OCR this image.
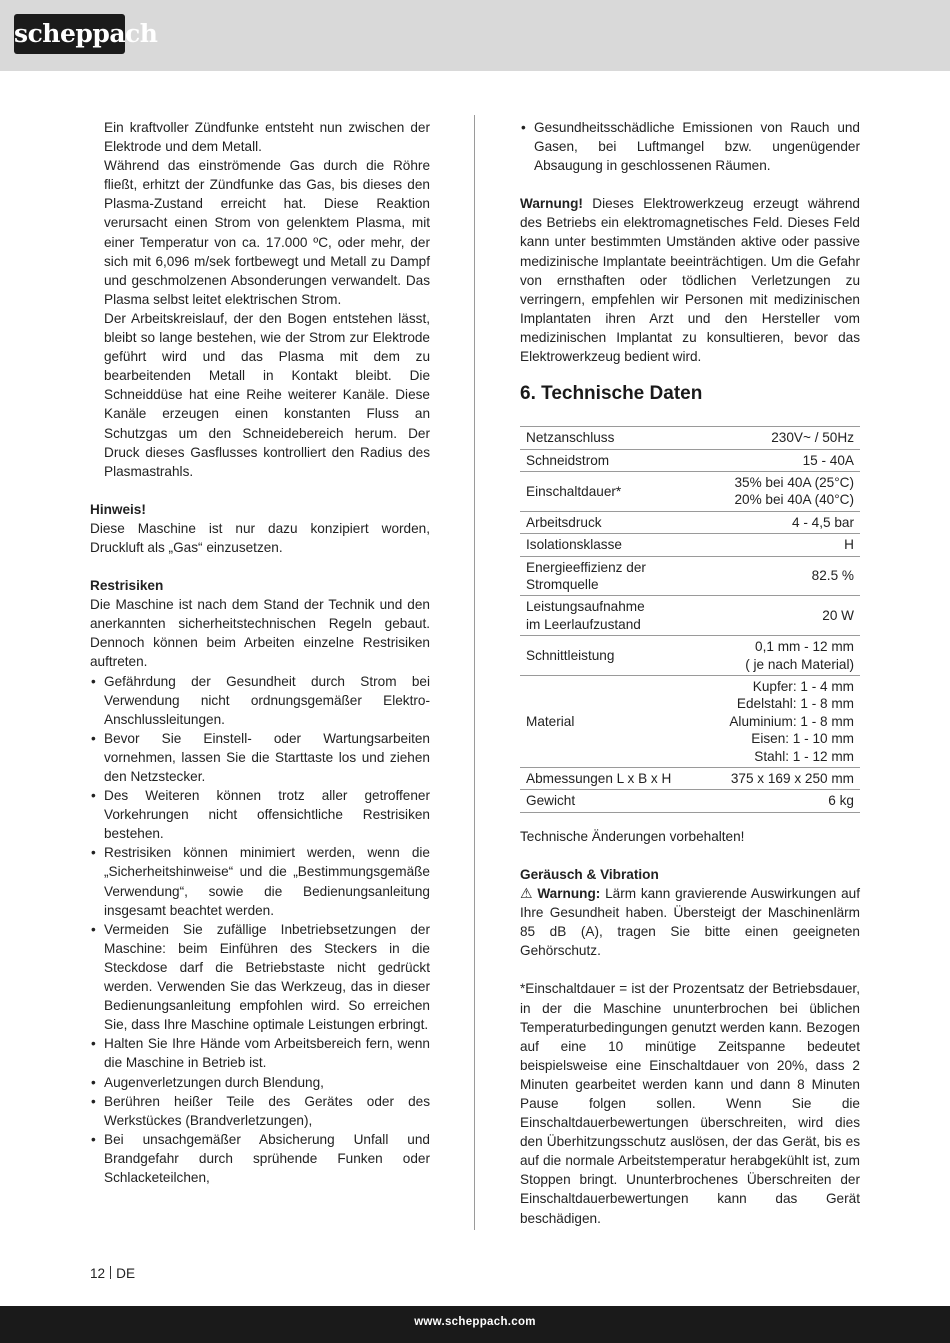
scheppach

Ein kraftvoller Zündfunke entsteht nun zwischen der Elektrode und dem Metall.

Während das einströmende Gas durch die Röhre fließt, erhitzt der Zündfunke das Gas, bis dieses den Plasma-Zustand erreicht hat. Diese Reaktion verursacht einen Strom von gelenktem Plasma, mit einer Temperatur von ca. 17.000 ºC, oder mehr, der sich mit 6,096 m/sek fortbewegt und Metall zu Dampf und geschmolzenen Absonderungen verwandelt. Das Plasma selbst leitet elektrischen Strom.

Der Arbeitskreislauf, der den Bogen entstehen lässt, bleibt so lange bestehen, wie der Strom zur Elektrode geführt wird und das Plasma mit dem zu bearbeitenden Metall in Kontakt bleibt. Die Schneiddüse hat eine Reihe weiterer Kanäle. Diese Kanäle erzeugen einen konstanten Fluss an Schutzgas um den Schneidebereich herum. Der Druck dieses Gasflusses kontrolliert den Radius des Plasmastrahls.

Hinweis!

Diese Maschine ist nur dazu konzipiert worden, Druckluft als „Gas“ einzusetzen.

Restrisiken

Die Maschine ist nach dem Stand der Technik und den anerkannten sicherheitstechnischen Regeln gebaut. Dennoch können beim Arbeiten einzelne Restrisiken auftreten.

• Gefährdung der Gesundheit durch Strom bei Verwendung nicht ordnungsgemäßer Elektro-Anschlussleitungen.
• Bevor Sie Einstell- oder Wartungsarbeiten vornehmen, lassen Sie die Starttaste los und ziehen den Netzstecker.
• Des Weiteren können trotz aller getroffener Vorkehrungen nicht offensichtliche Restrisiken bestehen.
• Restrisiken können minimiert werden, wenn die „Sicherheitshinweise“ und die „Bestimmungsgemäße Verwendung“, sowie die Bedienungsanleitung insgesamt beachtet werden.
• Vermeiden Sie zufällige Inbetriebsetzungen der Maschine: beim Einführen des Steckers in die Steckdose darf die Betriebstaste nicht gedrückt werden. Verwenden Sie das Werkzeug, das in dieser Bedienungsanleitung empfohlen wird. So erreichen Sie, dass Ihre Maschine optimale Leistungen erbringt.
• Halten Sie Ihre Hände vom Arbeitsbereich fern, wenn die Maschine in Betrieb ist.
• Augenverletzungen durch Blendung,
• Berühren heißer Teile des Gerätes oder des Werkstückes (Brandverletzungen),
• Bei unsachgemäßer Absicherung Unfall und Brandgefahr durch sprühende Funken oder Schlacketeilchen,
• Gesundheitsschädliche Emissionen von Rauch und Gasen, bei Luftmangel bzw. ungenügender Absaugung in geschlossenen Räumen.

Warnung! Dieses Elektrowerkzeug erzeugt während des Betriebs ein elektromagnetisches Feld. Dieses Feld kann unter bestimmten Umständen aktive oder passive medizinische Implantate beeinträchtigen. Um die Gefahr von ernsthaften oder tödlichen Verletzungen zu verringern, empfehlen wir Personen mit medizinischen Implantaten ihren Arzt und den Hersteller vom medizinischen Implantat zu konsultieren, bevor das Elektrowerkzeug bedient wird.

6. Technische Daten
Netzanschluss	230V~ / 50Hz
Schneidstrom	15 - 40A
Einschaltdauer*	35% bei 40A (25°C)
20% bei 40A (40°C)
Arbeitsdruck	4 - 4,5 bar
Isolationsklasse	H
Energieeffizienz der
Stromquelle	82.5 %
Leistungsaufnahme
im Leerlaufzustand	20 W
Schnittleistung	0,1 mm - 12 mm
( je nach Material)
Material	Kupfer: 1 - 4 mm
Edelstahl: 1 - 8 mm
Aluminium: 1 - 8 mm
Eisen: 1 - 10 mm
Stahl: 1 - 12 mm
Abmessungen L x B x H	375 x 169 x 250 mm
Gewicht	6 kg

Technische Änderungen vorbehalten!

Geräusch & Vibration

⚠ Warnung: Lärm kann gravierende Auswirkungen auf Ihre Gesundheit haben. Übersteigt der Maschinenlärm 85 dB (A), tragen Sie bitte einen geeigneten Gehörschutz.

*Einschaltdauer = ist der Prozentsatz der Betriebsdauer, in der die Maschine ununterbrochen bei üblichen Temperaturbedingungen genutzt werden kann. Bezogen auf eine 10 minütige Zeitspanne bedeutet beispielsweise eine Einschaltdauer von 20%, dass 2 Minuten gearbeitet werden kann und dann 8 Minuten Pause folgen sollen. Wenn Sie die Einschaltdauerbewertungen überschreiten, wird dies den Überhitzungsschutz auslösen, der das Gerät, bis es auf die normale Arbeitstemperatur herabgekühlt ist, zum Stoppen bringt. Ununterbrochenes Überschreiten der Einschaltdauerbewertungen kann das Gerät beschädigen.

12 DE
www.scheppach.com
